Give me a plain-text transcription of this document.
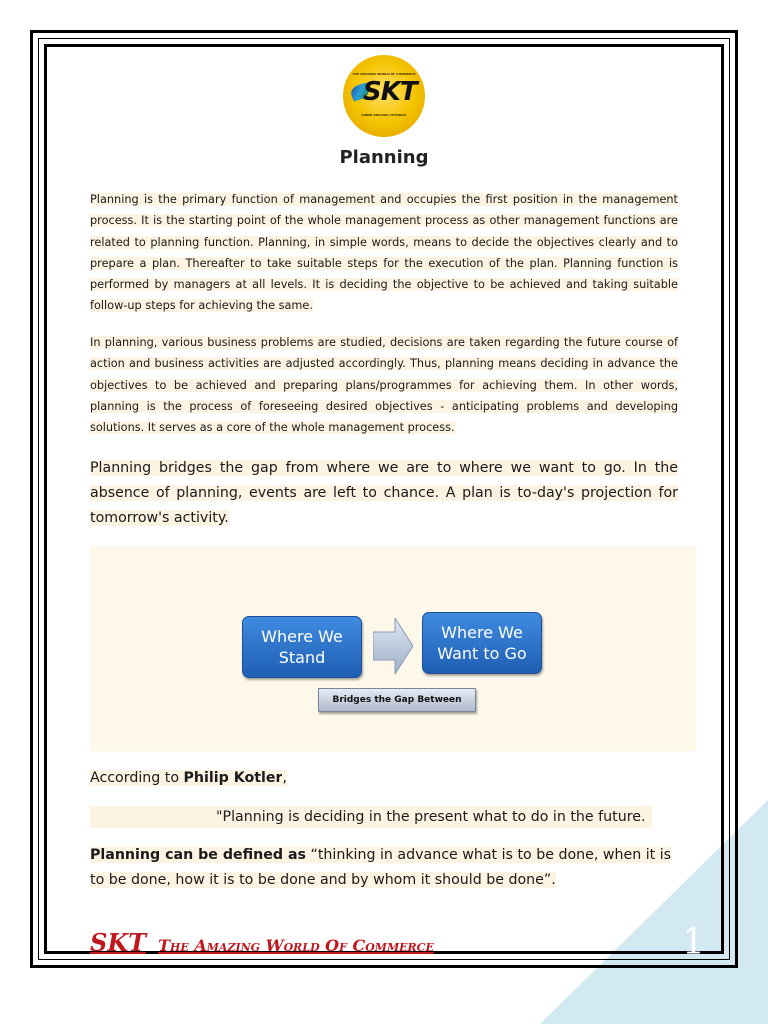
THE AMAZING WORLD OF COMMERCE
SKT
SHREE KRISHNA TUTORIAL
Planning

Planning is the primary function of management and occupies the first position in the management process. It is the starting point of the whole management process as other management functions are related to planning function. Planning, in simple words, means to decide the objectives clearly and to prepare a plan. Thereafter to take suitable steps for the execution of the plan. Planning function is performed by managers at all levels. It is deciding the objective to be achieved and taking suitable follow-up steps for achieving the same.

In planning, various business problems are studied, decisions are taken regarding the future course of action and business activities are adjusted accordingly. Thus, planning means deciding in advance the objectives to be achieved and preparing plans/programmes for achieving them. In other words, planning is the process of foreseeing desired objectives - anticipating problems and developing solutions. It serves as a core of the whole management process.

Planning bridges the gap from where we are to where we want to go. In the absence of planning, events are left to chance. A plan is to-day's projection for tomorrow's activity.

Where We Stand
Where We Want to Go
Bridges the Gap Between
According to Philip Kotler,
"Planning is deciding in the present what to do in the future.

Planning can be defined as “thinking in advance what is to be done, when it is to be done, how it is to be done and by whom it should be done”.

SKT The Amazing World Of Commerce	1
